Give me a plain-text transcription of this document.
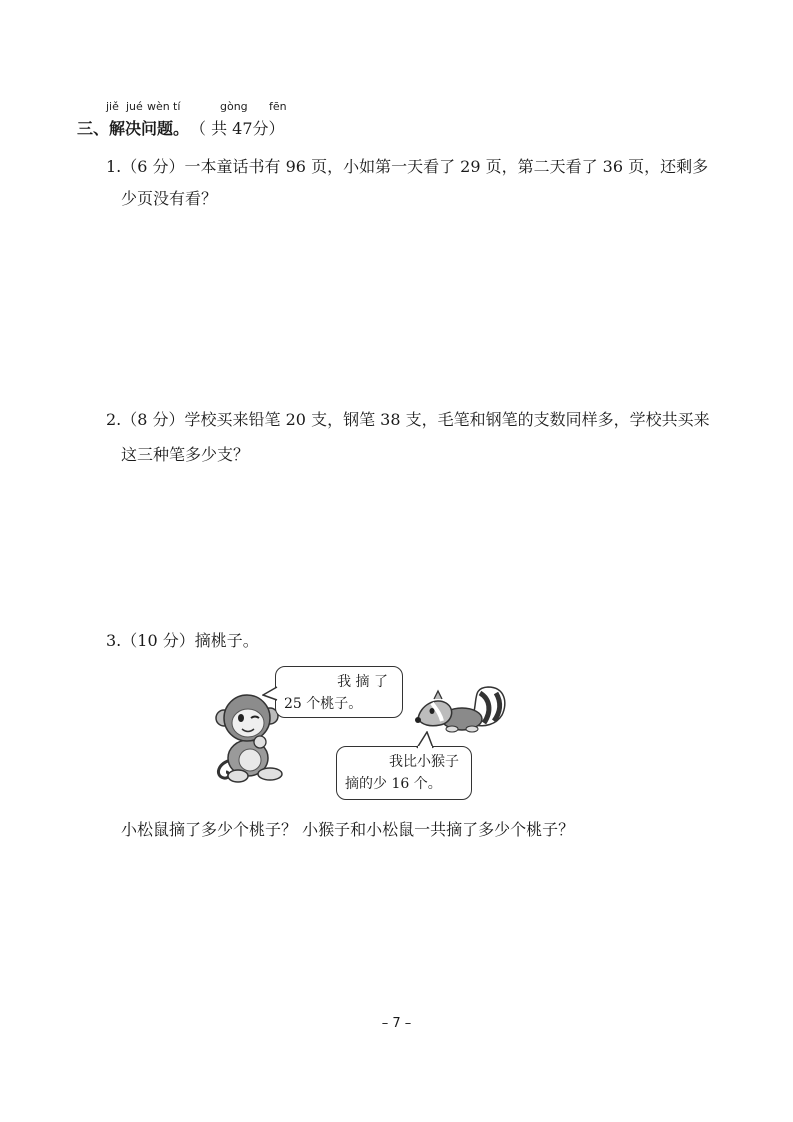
jiě jué wèn tí	gòng fēn
三、解决问题。 （ 共 47分）
1.（6 分）一本童话书有 96 页，小如第一天看了 29 页，第二天看了 36 页，还剩多
少页没有看？
2.（8 分）学校买来铅笔 20 支，钢笔 38 支，毛笔和钢笔的支数同样多，学校共买来
这三种笔多少支？
3.（10 分）摘桃子。
我 摘 了
25 个桃子。
我比小猴子
摘的少 16 个。
小松鼠摘了多少个桃子？ 小猴子和小松鼠一共摘了多少个桃子？
– 7 –
